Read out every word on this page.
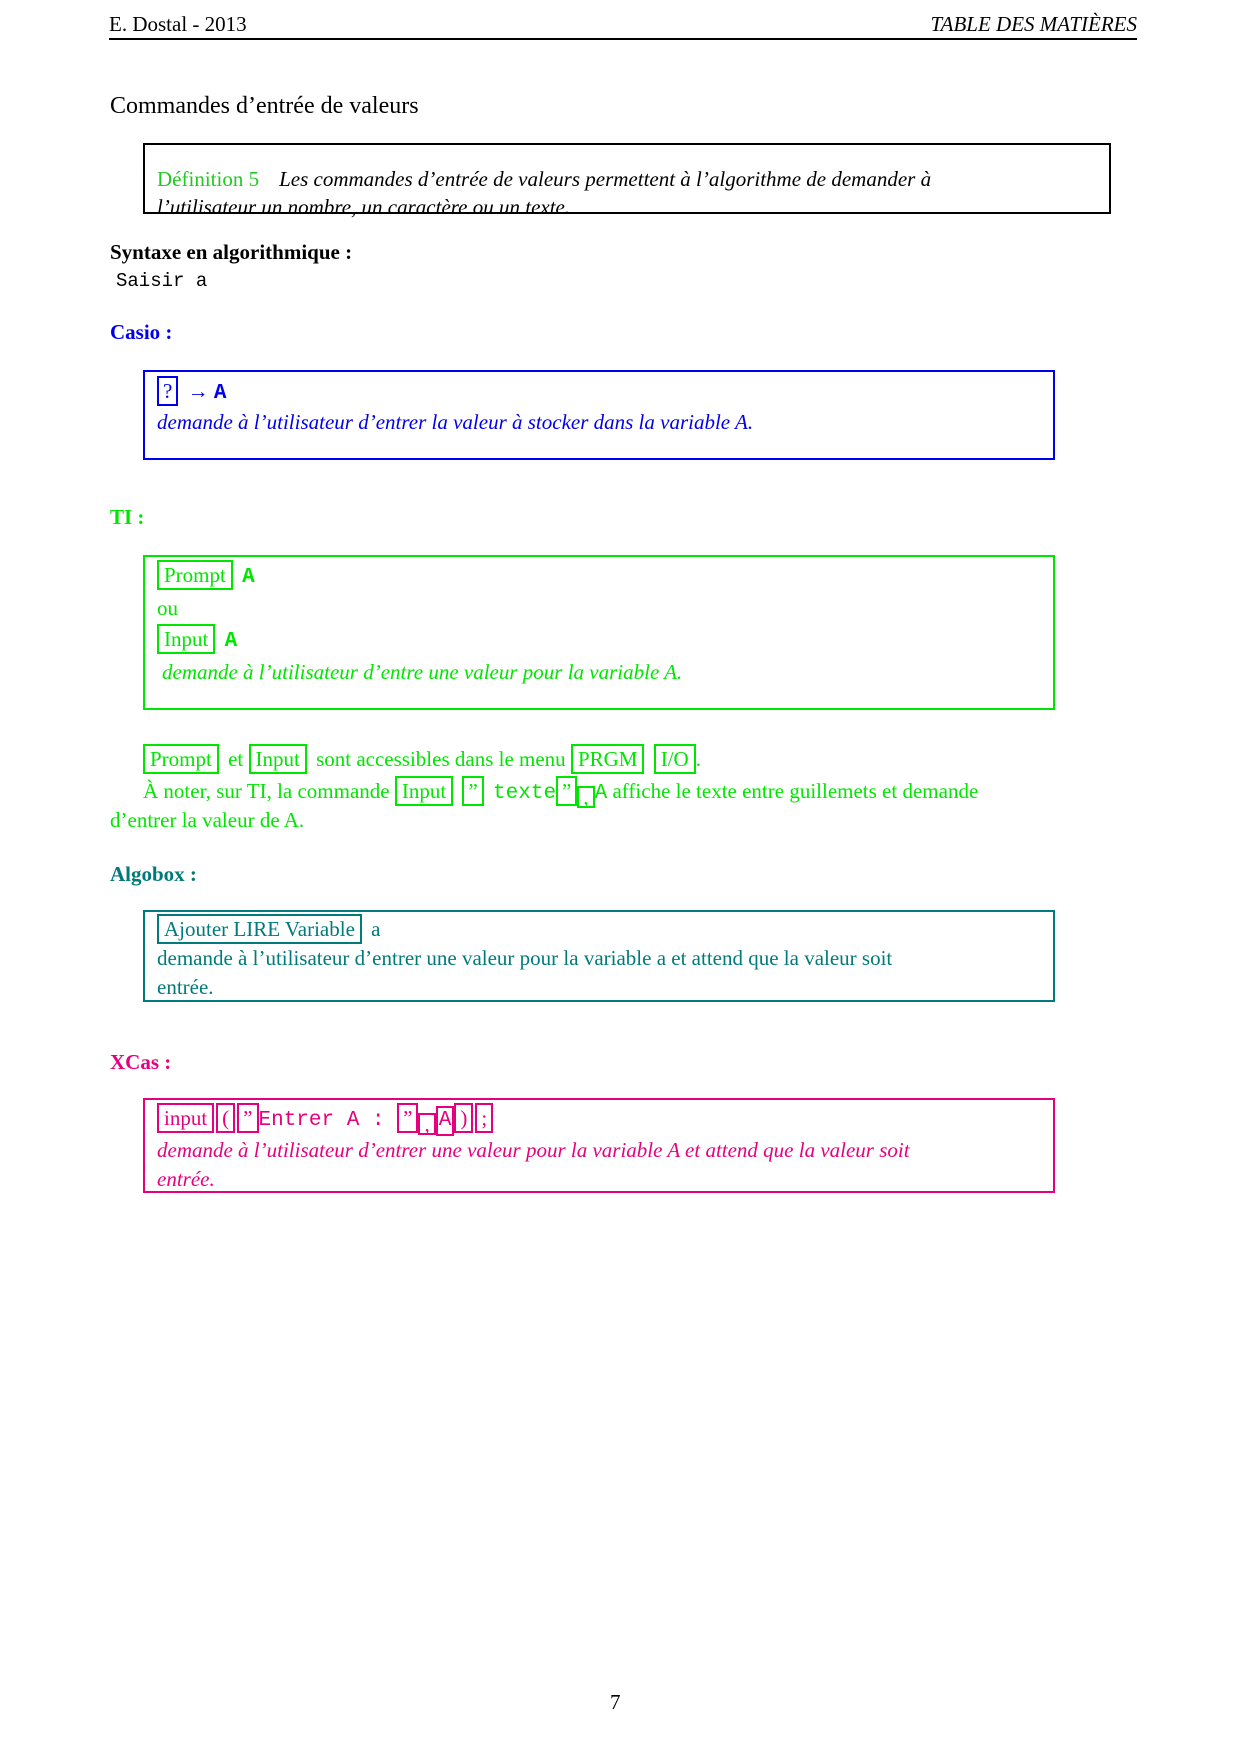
E. Dostal - 2013	TABLE DES MATIÈRES
Commandes d’entrée de valeurs
Définition 5 Les commandes d’entrée de valeurs permettent à l’algorithme de demander à
l’utilisateur un nombre, un caractère ou un texte.
Syntaxe en algorithmique :
Saisir a
Casio :
? → A
demande à l’utilisateur d’entrer la valeur à stocker dans la variable A.
TI :
Prompt A
ou
Input A
demande à l’utilisateur d’entre une valeur pour la variable A.
Prompt et Input sont accessibles dans le menu PRGM I/O .
À noter, sur TI, la commande Input ” texte ” , A affiche le texte entre guillemets et demande
d’entrer la valeur de A.
Algobox :
Ajouter LIRE Variable a
demande à l’utilisateur d’entrer une valeur pour la variable a et attend que la valeur soit
entrée.
XCas :
input ( ” Entrer A : ” , A ) ;
demande à l’utilisateur d’entrer une valeur pour la variable A et attend que la valeur soit
entrée.
7
